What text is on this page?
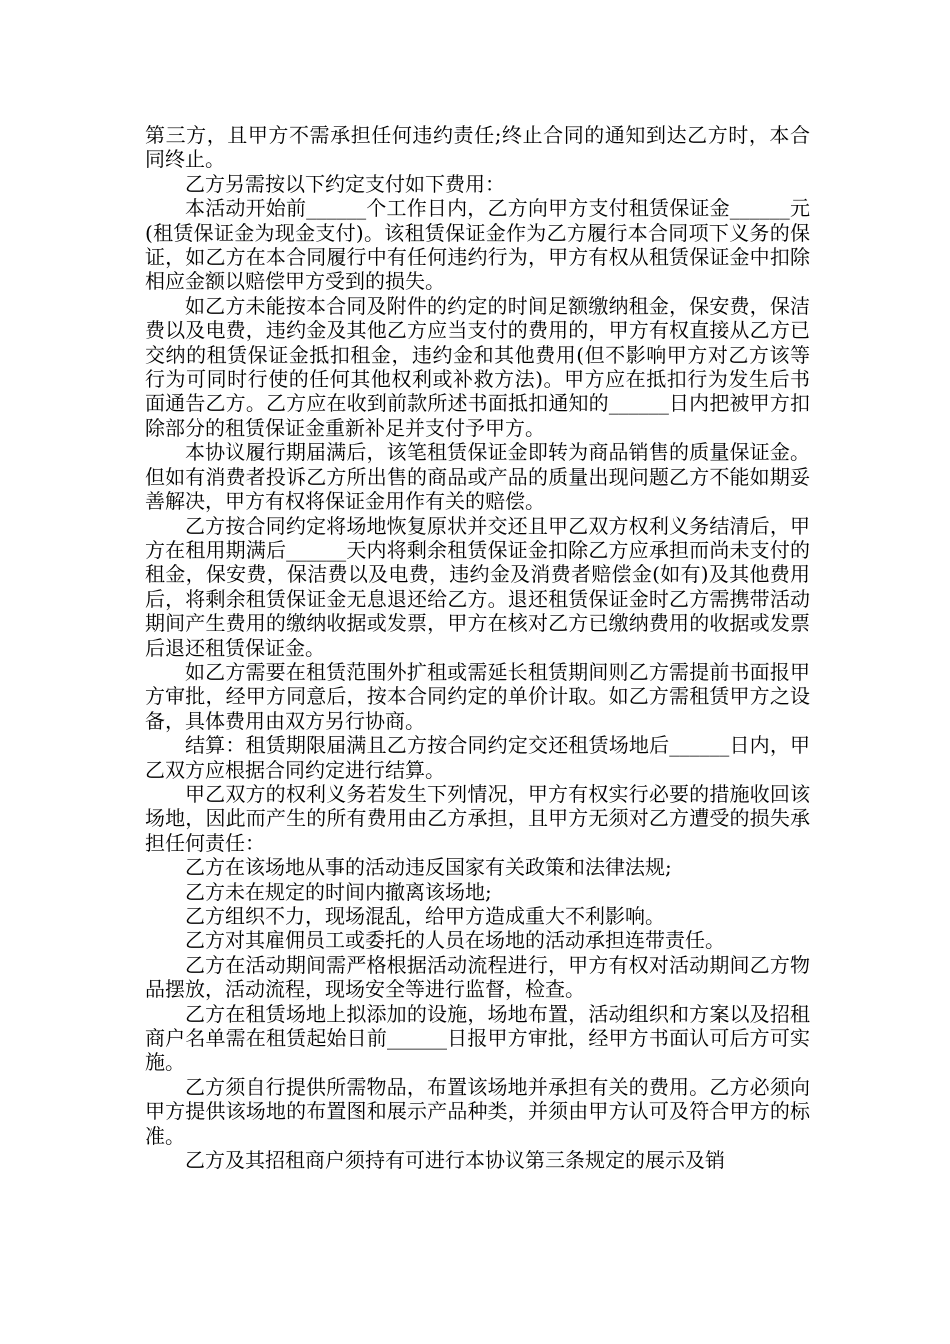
第三方，且甲方不需承担任何违约责任;终止合同的通知到达乙方时，本合同终止。

乙方另需按以下约定支付如下费用：

本活动开始前______个工作日内，乙方向甲方支付租赁保证金______元(租赁保证金为现金支付)。该租赁保证金作为乙方履行本合同项下义务的保证，如乙方在本合同履行中有任何违约行为，甲方有权从租赁保证金中扣除相应金额以赔偿甲方受到的损失。

如乙方未能按本合同及附件的约定的时间足额缴纳租金，保安费，保洁费以及电费，违约金及其他乙方应当支付的费用的，甲方有权直接从乙方已交纳的租赁保证金抵扣租金，违约金和其他费用(但不影响甲方对乙方该等行为可同时行使的任何其他权利或补救方法)。甲方应在抵扣行为发生后书面通告乙方。乙方应在收到前款所述书面抵扣通知的______日内把被甲方扣除部分的租赁保证金重新补足并支付予甲方。

本协议履行期届满后，该笔租赁保证金即转为商品销售的质量保证金。但如有消费者投诉乙方所出售的商品或产品的质量出现问题乙方不能如期妥善解决，甲方有权将保证金用作有关的赔偿。

乙方按合同约定将场地恢复原状并交还且甲乙双方权利义务结清后，甲方在租用期满后______天内将剩余租赁保证金扣除乙方应承担而尚未支付的租金，保安费，保洁费以及电费，违约金及消费者赔偿金(如有)及其他费用后，将剩余租赁保证金无息退还给乙方。退还租赁保证金时乙方需携带活动期间产生费用的缴纳收据或发票，甲方在核对乙方已缴纳费用的收据或发票后退还租赁保证金。

如乙方需要在租赁范围外扩租或需延长租赁期间则乙方需提前书面报甲方审批，经甲方同意后，按本合同约定的单价计取。如乙方需租赁甲方之设备，具体费用由双方另行协商。

结算：租赁期限届满且乙方按合同约定交还租赁场地后______日内，甲乙双方应根据合同约定进行结算。

甲乙双方的权利义务若发生下列情况，甲方有权实行必要的措施收回该场地，因此而产生的所有费用由乙方承担，且甲方无须对乙方遭受的损失承担任何责任：

乙方在该场地从事的活动违反国家有关政策和法律法规;

乙方未在规定的时间内撤离该场地;

乙方组织不力，现场混乱，给甲方造成重大不利影响。

乙方对其雇佣员工或委托的人员在场地的活动承担连带责任。

乙方在活动期间需严格根据活动流程进行，甲方有权对活动期间乙方物品摆放，活动流程，现场安全等进行监督，检查。

乙方在租赁场地上拟添加的设施，场地布置，活动组织和方案以及招租商户名单需在租赁起始日前______日报甲方审批，经甲方书面认可后方可实施。

乙方须自行提供所需物品，布置该场地并承担有关的费用。乙方必须向甲方提供该场地的布置图和展示产品种类，并须由甲方认可及符合甲方的标准。

乙方及其招租商户须持有可进行本协议第三条规定的展示及销
